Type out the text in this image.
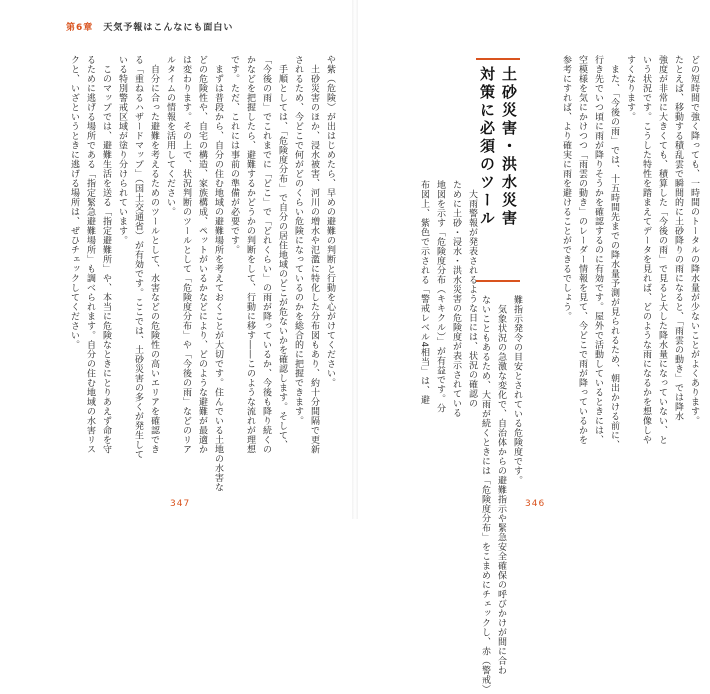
第6章 天気予報はこんなにも面白い
や紫（危険）が出はじめたら、早めの避難の判断と行動を心がけてください。
　土砂災害のほか、浸水被害、河川の増水や氾濫に特化した分布図もあり、約十分間隔で更新
されるため、今どこで何がどのくらい危険になっているのかを総合的に把握できます。
　手順としては、「危険度分布」で自分の居住地域のどこが危ないかを確認します。そして、
「今後の雨」でこれまでに「どこ」で「どれくらい」の雨が降っているか、今後も降り続くの
かなどを把握したら、避難するかどうかの判断をして、行動に移す――このような流れが理想
です。ただ、これには事前の準備が必要です。
　まずは普段から、自分の住む地域の避難場所を考えておくことが大切です。住んでいる土地の水害な
どの危険性や、自宅の構造、家族構成、ペットがいるかなどにより、どのような避難が最適か
は変わります。その上で、状況判断のツールとして「危険度分布」や「今後の雨」などのリア
ルタイムの情報を活用してください。
　自分に合った避難を考えるためのツールとして、水害などの危険性の高いエリアを確認でき
る「重ねるハザードマップ」（国土交通省）が有効です。ここでは、土砂災害の多くが発生して
いる特別警戒区域が塗り分けられています。
　このマップでは、避難生活を送る「指定避難所」や、本当に危険なときにとりあえず命を守
るために逃げる場所である「指定緊急避難場所」も調べられます。自分の住む地域の水害リス
クと、いざというときに逃げる場所は、ぜひチェックしてください。
347
どの短時間で強く降っても、一時間のトータルの降水量が少ないことがよくあります。
たとえば、移動する積乱雲で瞬間的に土砂降りの雨になると、「雨雲の動き」では降水
強度が非常に大きくても、積算した「今後の雨」で見ると大した降水量になっていない、と
いう状況です。こうした特性を踏まえてデータを見れば、どのような雨になるかを想像しや
すくなります。
　また、「今後の雨」では、十五時間先までの降水量予測が見られるため、朝出かける前に、
行き先でいつ頃に雨が降りそうかを確認するのに有効です。屋外で活動しているときには、
空模様を気にかけつつ「雨雲の動き」のレーダー情報を見て、今どこで雨が降っているかを
参考にすれば、より確実に雨を避けることができるでしょう。
土砂災害・洪水災害
対策に必須のツール
　大雨警報が発表されるような日には、状況の確認の
ために土砂・浸水・洪水災害の危険度が表示されている
地図を示す「危険度分布（キキクル）」が有益です。分
布図上、紫色で示される「警戒レベル4相当」は、避	難指示発令の目安とされている危険度です。
　気象状況の急激な変化で、自治体からの避難指示や緊急安全確保の呼びかけが間に合わ
ないこともあるため、大雨が続くときには「危険度分布」をこまめにチェックし、赤（警戒）	346
